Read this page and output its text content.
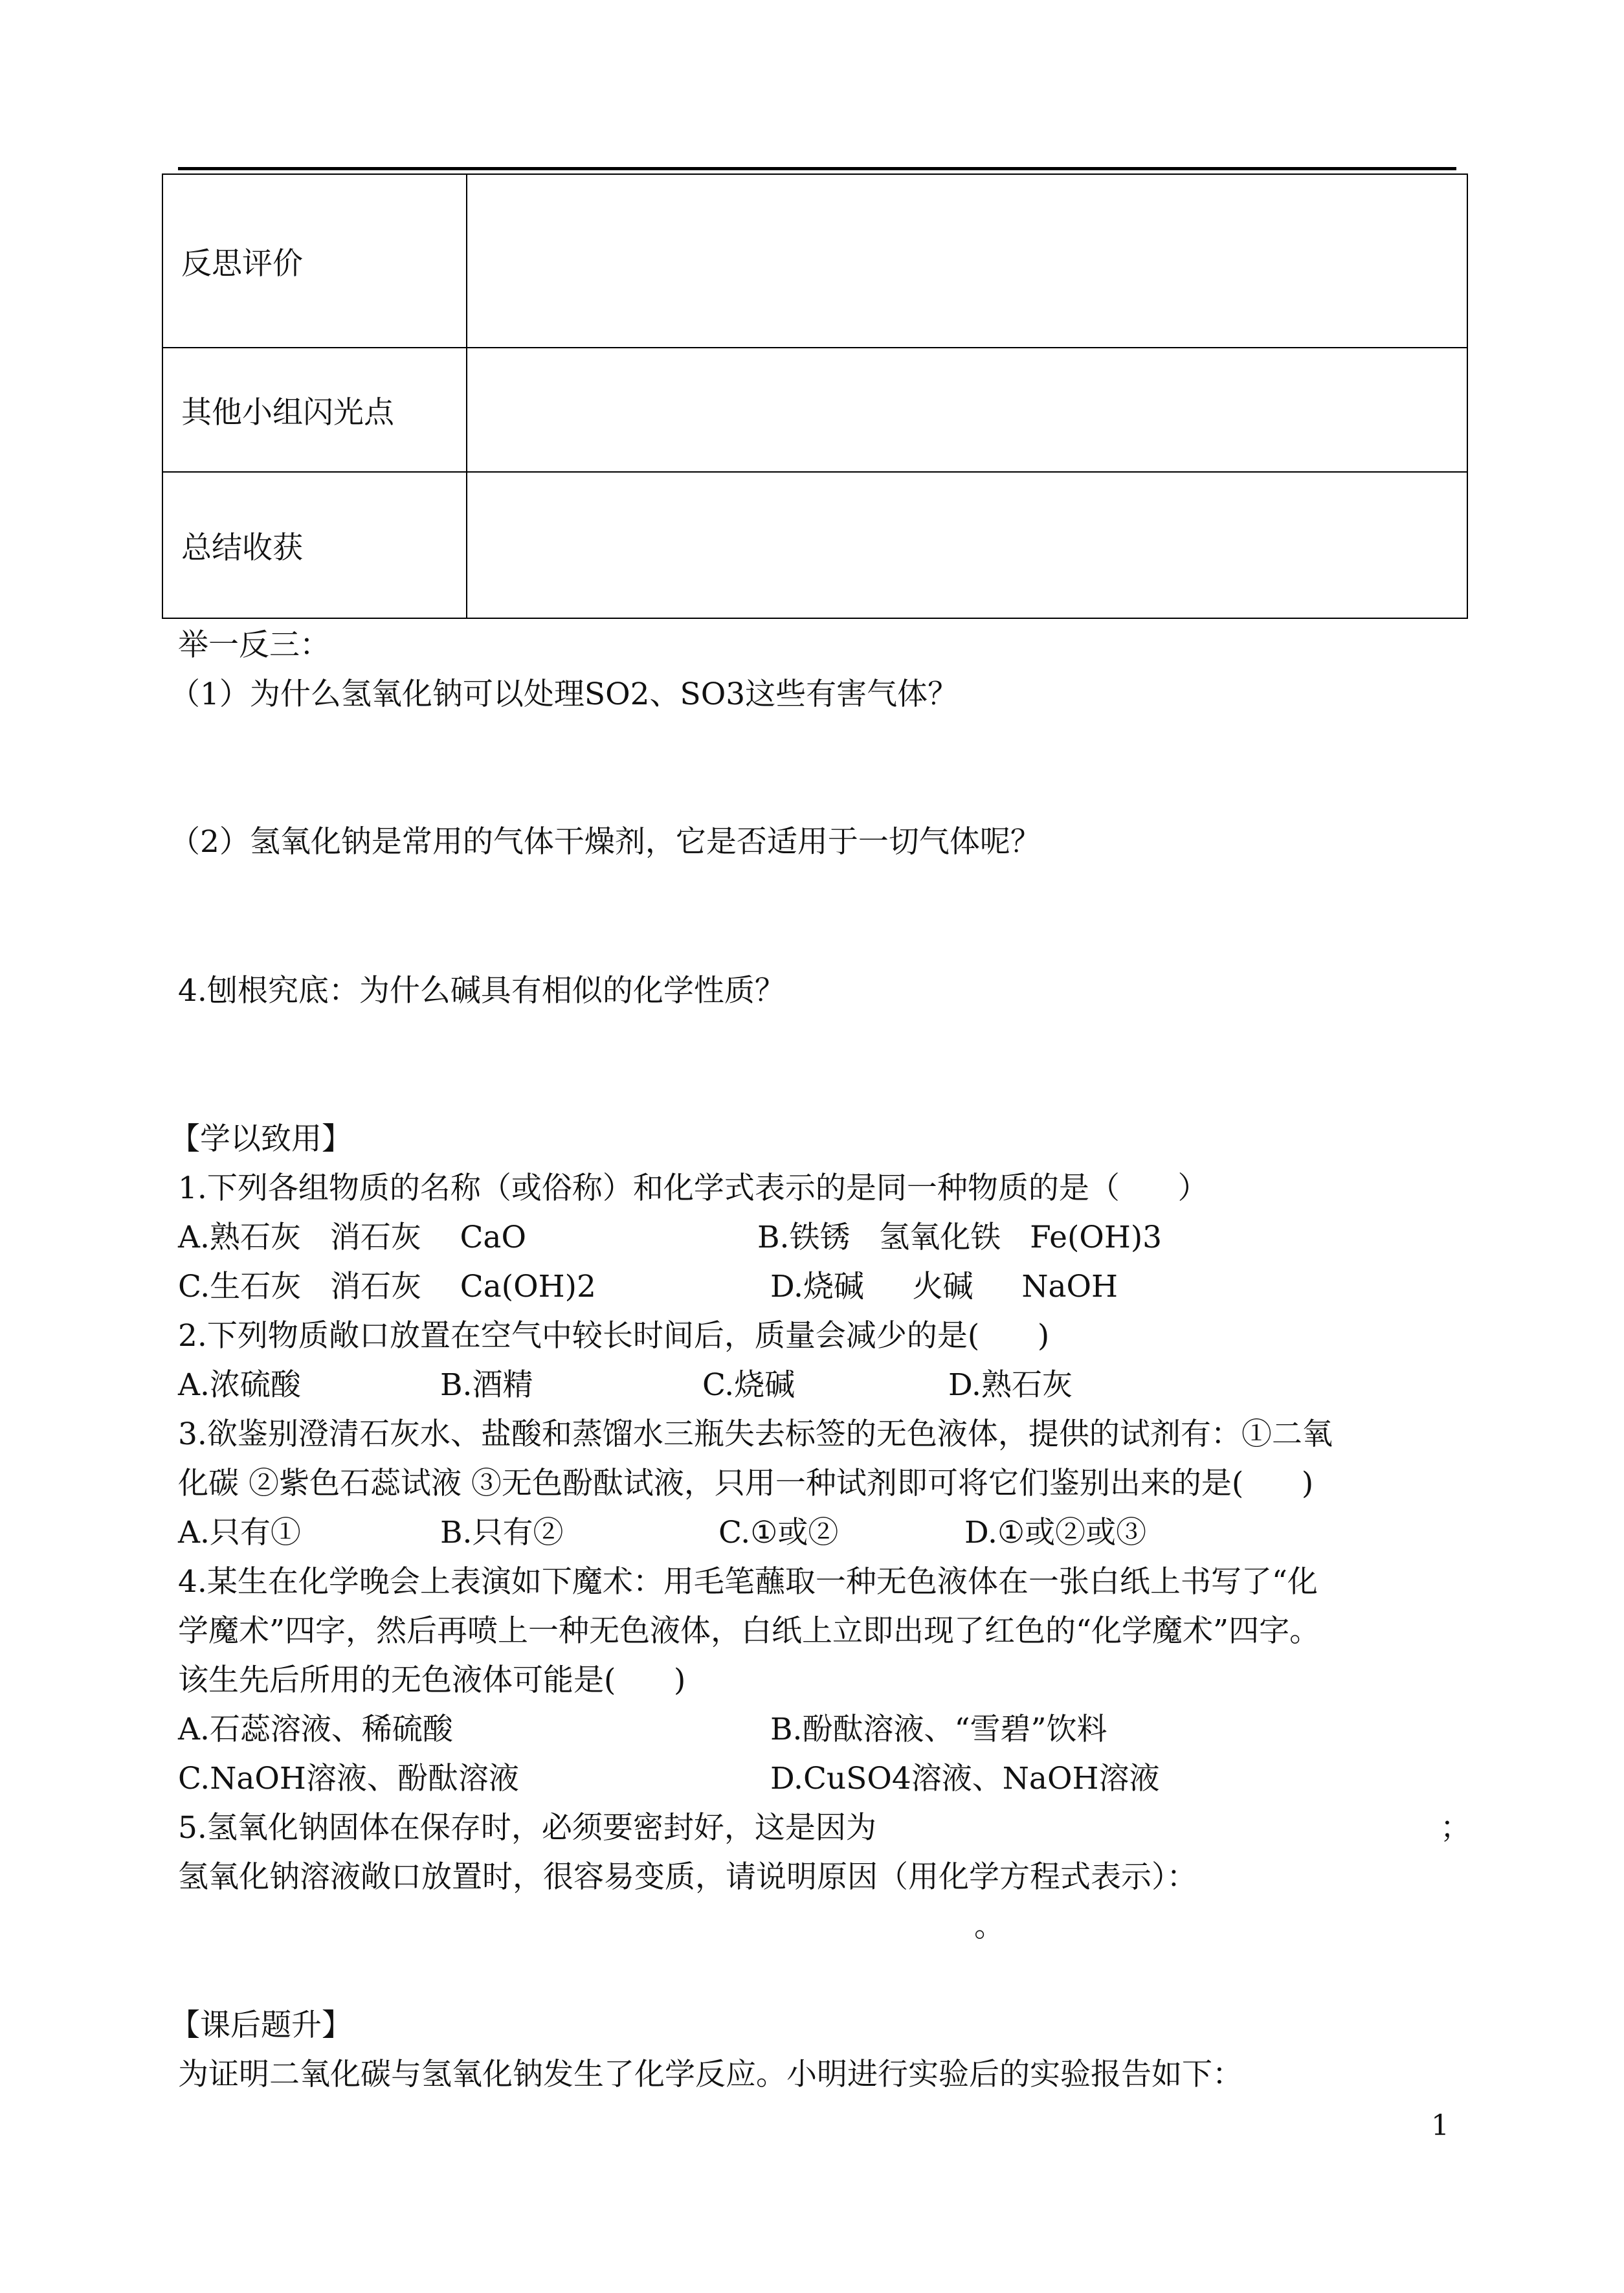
反思评价	
其他小组闪光点	
总结收获	
举一反三：
（1）为什么氢氧化钠可以处理SO2、SO3这些有害气体？
（2）氢氧化钠是常用的气体干燥剂，它是否适用于一切气体呢？
4.刨根究底：为什么碱具有相似的化学性质？
【学以致用】
1.下列各组物质的名称（或俗称）和化学式表示的是同一种物质的是（      ）
A.熟石灰   消石灰    CaO	B.铁锈   氢氧化铁   Fe(OH)3
C.生石灰   消石灰    Ca(OH)2	D.烧碱     火碱     NaOH
2.下列物质敞口放置在空气中较长时间后，质量会减少的是(      )
A.浓硫酸	B.酒精	C.烧碱	D.熟石灰
3.欲鉴别澄清石灰水、盐酸和蒸馏水三瓶失去标签的无色液体，提供的试剂有：①二氧
化碳 ②紫色石蕊试液 ③无色酚酞试液，只用一种试剂即可将它们鉴别出来的是(      )
A.只有①	B.只有②	C.①或②	D.①或②或③
4.某生在化学晚会上表演如下魔术：用毛笔蘸取一种无色液体在一张白纸上书写了“化
学魔术”四字，然后再喷上一种无色液体，白纸上立即出现了红色的“化学魔术”四字。
该生先后所用的无色液体可能是(      )
A.石蕊溶液、稀硫酸	B.酚酞溶液、“雪碧”饮料
C.NaOH溶液、酚酞溶液	D.CuSO4溶液、NaOH溶液
5.氢氧化钠固体在保存时，必须要密封好，这是因为	；
氢氧化钠溶液敞口放置时，很容易变质，请说明原因（用化学方程式表示）：
。
【课后题升】
为证明二氧化碳与氢氧化钠发生了化学反应。小明进行实验后的实验报告如下：
1
